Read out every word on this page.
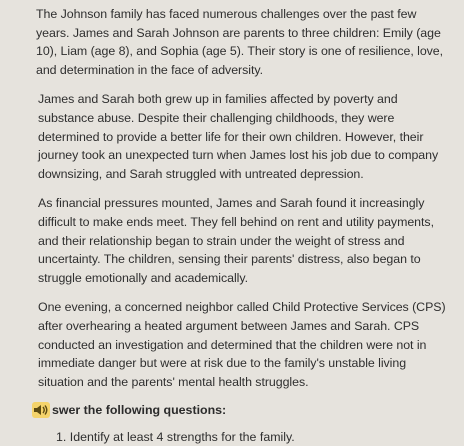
The Johnson family has faced numerous challenges over the past few years. James and Sarah Johnson are parents to three children: Emily (age 10), Liam (age 8), and Sophia (age 5). Their story is one of resilience, love, and determination in the face of adversity.

James and Sarah both grew up in families affected by poverty and substance abuse. Despite their challenging childhoods, they were determined to provide a better life for their own children. However, their journey took an unexpected turn when James lost his job due to company downsizing, and Sarah struggled with untreated depression.

As financial pressures mounted, James and Sarah found it increasingly difficult to make ends meet. They fell behind on rent and utility payments, and their relationship began to strain under the weight of stress and uncertainty. The children, sensing their parents' distress, also began to struggle emotionally and academically.

One evening, a concerned neighbor called Child Protective Services (CPS) after overhearing a heated argument between James and Sarah. CPS conducted an investigation and determined that the children were not in immediate danger but were at risk due to the family's unstable living situation and the parents' mental health struggles.

swer the following questions:
1. Identify at least 4 strengths for the family.
